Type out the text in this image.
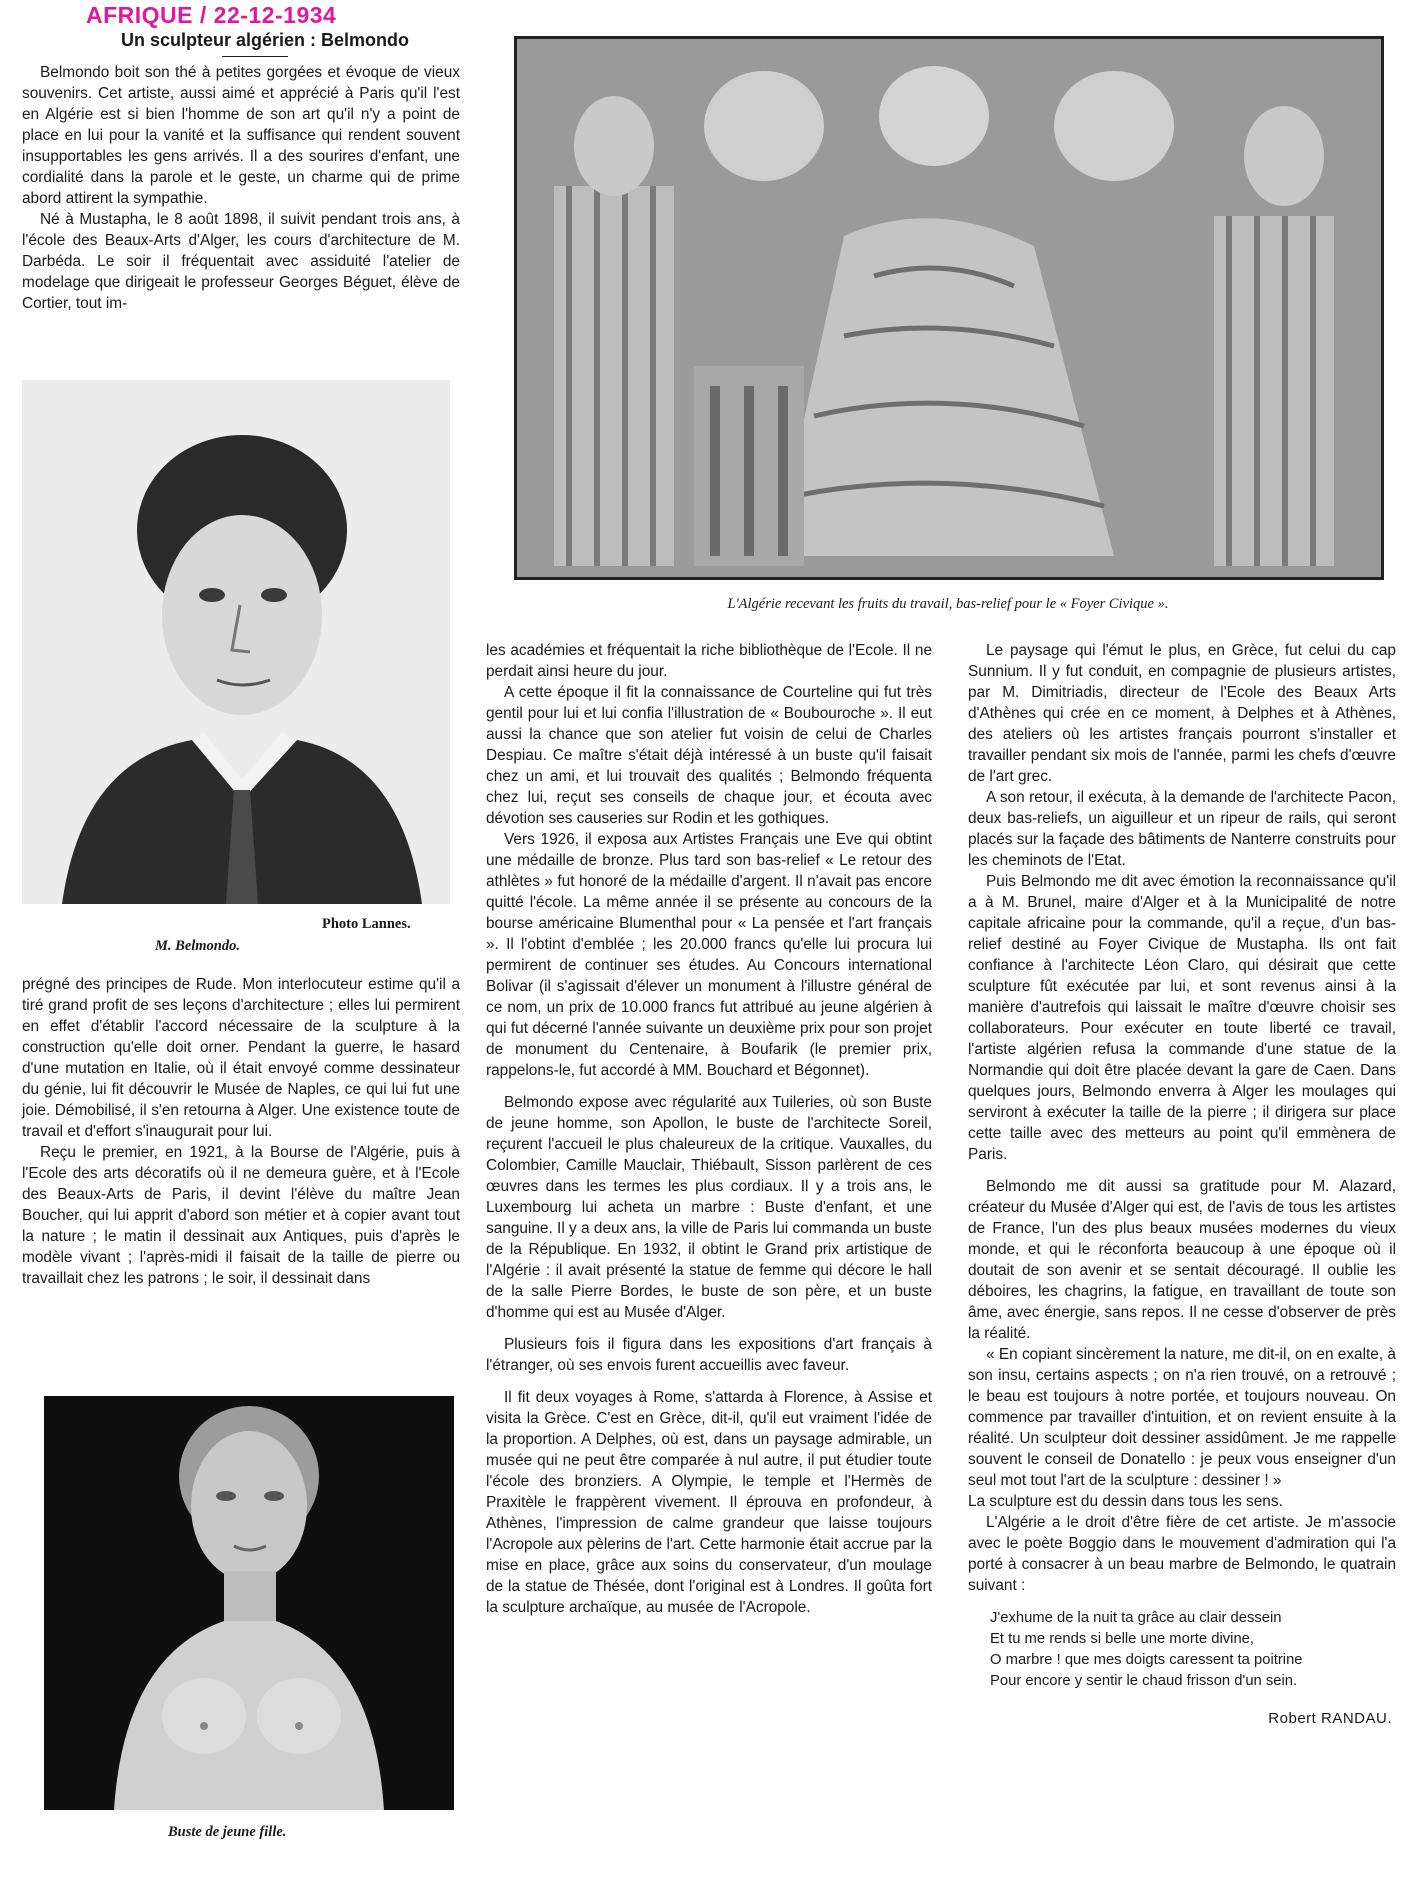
AFRIQUE / 22-12-1934
Un sculpteur algérien : Belmondo

Belmondo boit son thé à petites gorgées et évoque de vieux souvenirs. Cet artiste, aussi aimé et apprécié à Paris qu'il l'est en Algérie est si bien l'homme de son art qu'il n'y a point de place en lui pour la vanité et la suffisance qui rendent souvent insupportables les gens arrivés. Il a des sourires d'enfant, une cordialité dans la parole et le geste, un charme qui de prime abord attirent la sympathie.

Né à Mustapha, le 8 août 1898, il suivit pendant trois ans, à l'école des Beaux-Arts d'Alger, les cours d'architecture de M. Darbéda. Le soir il fréquentait avec assiduité l'atelier de modelage que dirigeait le professeur Georges Béguet, élève de Cortier, tout im-

L'Algérie recevant les fruits du travail, bas-relief pour le « Foyer Civique ».
Photo Lannes.
M. Belmondo.

prégné des principes de Rude. Mon interlocuteur estime qu'il a tiré grand profit de ses leçons d'architecture ; elles lui permirent en effet d'établir l'accord nécessaire de la sculpture à la construction qu'elle doit orner. Pendant la guerre, le hasard d'une mutation en Italie, où il était envoyé comme dessinateur du génie, lui fit découvrir le Musée de Naples, ce qui lui fut une joie. Démobilisé, il s'en retourna à Alger. Une existence toute de travail et d'effort s'inaugurait pour lui.

Reçu le premier, en 1921, à la Bourse de l'Algérie, puis à l'Ecole des arts décoratifs où il ne demeura guère, et à l'Ecole des Beaux-Arts de Paris, il devint l'élève du maître Jean Boucher, qui lui apprit d'abord son métier et à copier avant tout la nature ; le matin il dessinait aux Antiques, puis d'après le modèle vivant ; l'après-midi il faisait de la taille de pierre ou travaillait chez les patrons ; le soir, il dessinait dans

Buste de jeune fille.

les académies et fréquentait la riche bibliothèque de l'Ecole. Il ne perdait ainsi heure du jour.

A cette époque il fit la connaissance de Courteline qui fut très gentil pour lui et lui confia l'illustration de « Boubouroche ». Il eut aussi la chance que son atelier fut voisin de celui de Charles Despiau. Ce maître s'était déjà intéressé à un buste qu'il faisait chez un ami, et lui trouvait des qualités ; Belmondo fréquenta chez lui, reçut ses conseils de chaque jour, et écouta avec dévotion ses causeries sur Rodin et les gothiques.

Vers 1926, il exposa aux Artistes Français une Eve qui obtint une médaille de bronze. Plus tard son bas-relief « Le retour des athlètes » fut honoré de la médaille d'argent. Il n'avait pas encore quitté l'école. La même année il se présente au concours de la bourse américaine Blumenthal pour « La pensée et l'art français ». Il l'obtint d'emblée ; les 20.000 francs qu'elle lui procura lui permirent de continuer ses études. Au Concours international Bolivar (il s'agissait d'élever un monument à l'illustre général de ce nom, un prix de 10.000 francs fut attribué au jeune algérien à qui fut décerné l'année suivante un deuxième prix pour son projet de monument du Centenaire, à Boufarik (le premier prix, rappelons-le, fut accordé à MM. Bouchard et Bégonnet).

Belmondo expose avec régularité aux Tuileries, où son Buste de jeune homme, son Apollon, le buste de l'architecte Soreil, reçurent l'accueil le plus chaleureux de la critique. Vauxalles, du Colombier, Camille Mauclair, Thiébault, Sisson parlèrent de ces œuvres dans les termes les plus cordiaux. Il y a trois ans, le Luxembourg lui acheta un marbre : Buste d'enfant, et une sanguine. Il y a deux ans, la ville de Paris lui commanda un buste de la République. En 1932, il obtint le Grand prix artistique de l'Algérie : il avait présenté la statue de femme qui décore le hall de la salle Pierre Bordes, le buste de son père, et un buste d'homme qui est au Musée d'Alger.

Plusieurs fois il figura dans les expositions d'art français à l'étranger, où ses envois furent accueillis avec faveur.

Il fit deux voyages à Rome, s'attarda à Florence, à Assise et visita la Grèce. C'est en Grèce, dit-il, qu'il eut vraiment l'idée de la proportion. A Delphes, où est, dans un paysage admirable, un musée qui ne peut être comparée à nul autre, il put étudier toute l'école des bronziers. A Olympie, le temple et l'Hermès de Praxitèle le frappèrent vivement. Il éprouva en profondeur, à Athènes, l'impression de calme grandeur que laisse toujours l'Acropole aux pèlerins de l'art. Cette harmonie était accrue par la mise en place, grâce aux soins du conservateur, d'un moulage de la statue de Thésée, dont l'original est à Londres. Il goûta fort la sculpture archaïque, au musée de l'Acropole.

Le paysage qui l'émut le plus, en Grèce, fut celui du cap Sunnium. Il y fut conduit, en compagnie de plusieurs artistes, par M. Dimitriadis, directeur de l'Ecole des Beaux Arts d'Athènes qui crée en ce moment, à Delphes et à Athènes, des ateliers où les artistes français pourront s'installer et travailler pendant six mois de l'année, parmi les chefs d'œuvre de l'art grec.

A son retour, il exécuta, à la demande de l'architecte Pacon, deux bas-reliefs, un aiguilleur et un ripeur de rails, qui seront placés sur la façade des bâtiments de Nanterre construits pour les cheminots de l'Etat.

Puis Belmondo me dit avec émotion la reconnaissance qu'il a à M. Brunel, maire d'Alger et à la Municipalité de notre capitale africaine pour la commande, qu'il a reçue, d'un bas-relief destiné au Foyer Civique de Mustapha. Ils ont fait confiance à l'architecte Léon Claro, qui désirait que cette sculpture fût exécutée par lui, et sont revenus ainsi à la manière d'autrefois qui laissait le maître d'œuvre choisir ses collaborateurs. Pour exécuter en toute liberté ce travail, l'artiste algérien refusa la commande d'une statue de la Normandie qui doit être placée devant la gare de Caen. Dans quelques jours, Belmondo enverra à Alger les moulages qui serviront à exécuter la taille de la pierre ; il dirigera sur place cette taille avec des metteurs au point qu'il emmènera de Paris.

Belmondo me dit aussi sa gratitude pour M. Alazard, créateur du Musée d'Alger qui est, de l'avis de tous les artistes de France, l'un des plus beaux musées modernes du vieux monde, et qui le réconforta beaucoup à une époque où il doutait de son avenir et se sentait découragé. Il oublie les déboires, les chagrins, la fatigue, en travaillant de toute son âme, avec énergie, sans repos. Il ne cesse d'observer de près la réalité.

« En copiant sincèrement la nature, me dit-il, on en exalte, à son insu, certains aspects ; on n'a rien trouvé, on a retrouvé ; le beau est toujours à notre portée, et toujours nouveau. On commence par travailler d'intuition, et on revient ensuite à la réalité. Un sculpteur doit dessiner assidûment. Je me rappelle souvent le conseil de Donatello : je peux vous enseigner d'un seul mot tout l'art de la sculpture : dessiner ! »

La sculpture est du dessin dans tous les sens.

L'Algérie a le droit d'être fière de cet artiste. Je m'associe avec le poète Boggio dans le mouvement d'admiration qui l'a porté à consacrer à un beau marbre de Belmondo, le quatrain suivant :

J'exhume de la nuit ta grâce au clair dessein
Et tu me rends si belle une morte divine,
O marbre ! que mes doigts caressent ta poitrine
Pour encore y sentir le chaud frisson d'un sein.
Robert RANDAU.
